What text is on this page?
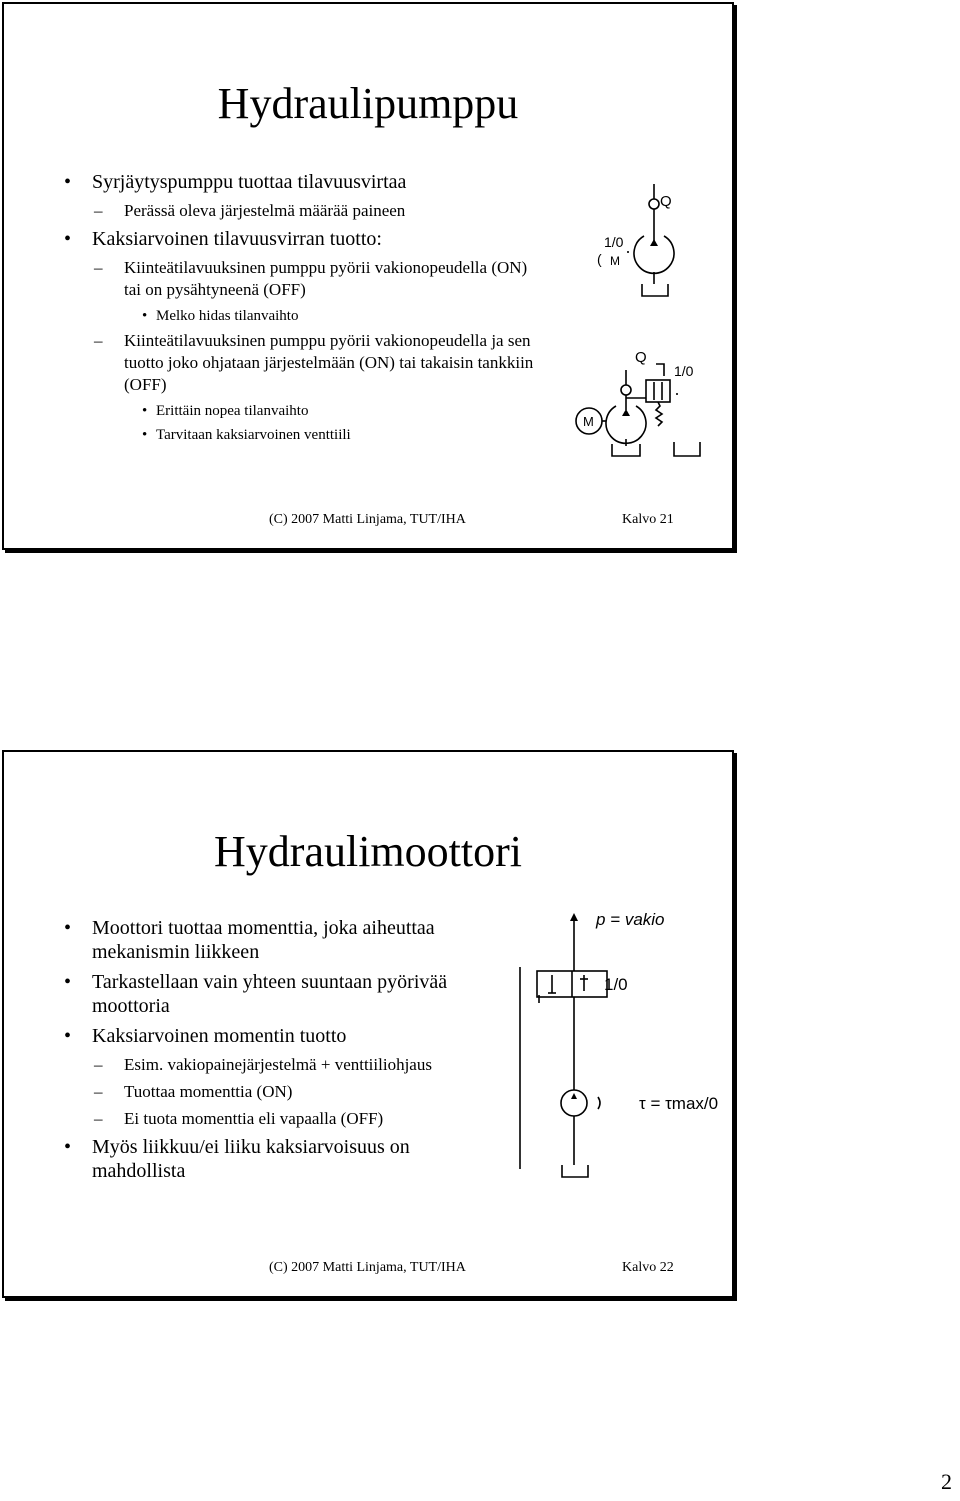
Hydraulipumppu
• Syrjäytyspumppu tuottaa tilavuusvirtaa
– Perässä oleva järjestelmä määrää paineen
• Kaksiarvoinen tilavuusvirran tuotto:
– Kiinteätilavuuksinen pumppu pyörii vakionopeudella (ON) tai on pysähtyneenä (OFF)
• Melko hidas tilanvaihto
– Kiinteätilavuuksinen pumppu pyörii vakionopeudella ja sen tuotto joko ohjataan järjestelmään (ON) tai takaisin tankkiin (OFF)
• Erittäin nopea tilanvaihto
• Tarvitaan kaksiarvoinen venttiili
Q
1/0
( M
Q
1/0
M
(C) 2007 Matti Linjama, TUT/IHA	Kalvo 21
Hydraulimoottori
• Moottori tuottaa momenttia, joka aiheuttaa mekanismin liikkeen
• Tarkastellaan vain yhteen suuntaan pyörivää moottoria
• Kaksiarvoinen momentin tuotto
– Esim. vakiopainejärjestelmä + venttiiliohjaus
– Tuottaa momenttia (ON)
– Ei tuota momenttia eli vapaalla (OFF)
• Myös liikkuu/ei liiku kaksiarvoisuus on mahdollista
p = vakio
1/0
τ = τmax/0
(C) 2007 Matti Linjama, TUT/IHA	Kalvo 22
2
